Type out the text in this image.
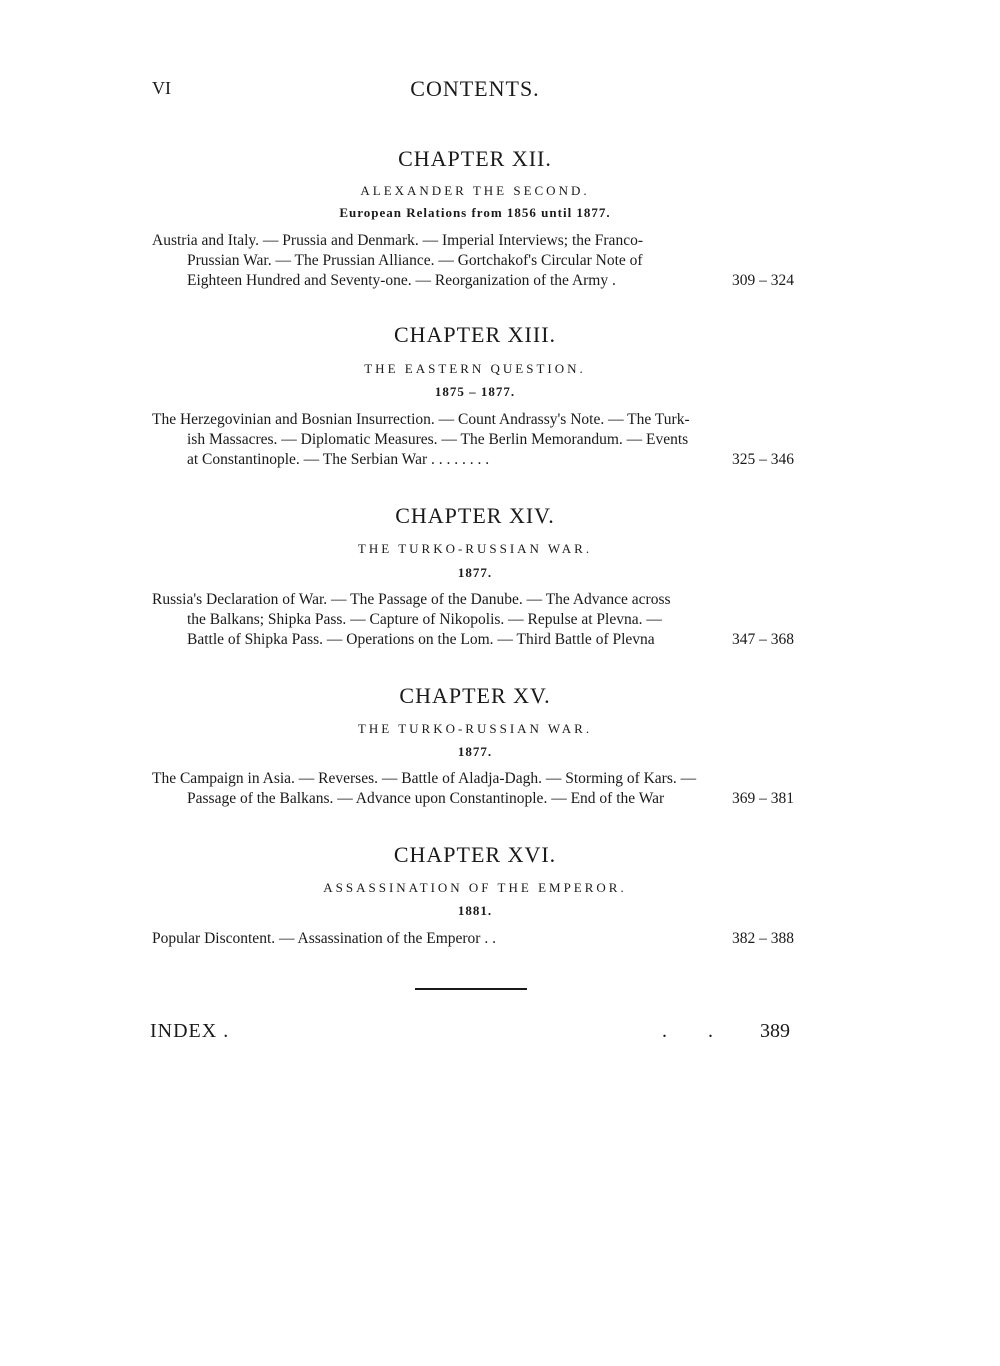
VI	CONTENTS.
CHAPTER XII.
ALEXANDER THE SECOND.
European Relations from 1856 until 1877.
Austria and Italy. — Prussia and Denmark. — Imperial Interviews; the Franco-
Prussian War. — The Prussian Alliance. — Gortchakof's Circular Note of
309 – 324
Eighteen Hundred and Seventy-one. — Reorganization of the Army .
CHAPTER XIII.
THE EASTERN QUESTION.
1875 – 1877.
The Herzegovinian and Bosnian Insurrection. — Count Andrassy's Note. — The Turk-
ish Massacres. — Diplomatic Measures. — The Berlin Memorandum. — Events
325 – 346
at Constantinople. — The Serbian War . . . . . . . .
CHAPTER XIV.
THE TURKO-RUSSIAN WAR.
1877.
Russia's Declaration of War. — The Passage of the Danube. — The Advance across
the Balkans; Shipka Pass. — Capture of Nikopolis. — Repulse at Plevna. —
347 – 368
Battle of Shipka Pass. — Operations on the Lom. — Third Battle of Plevna
CHAPTER XV.
THE TURKO-RUSSIAN WAR.
1877.
The Campaign in Asia. — Reverses. — Battle of Aladja-Dagh. — Storming of Kars. —
369 – 381
Passage of the Balkans. — Advance upon Constantinople. — End of the War
CHAPTER XVI.
ASSASSINATION OF THE EMPEROR.
1881.
382 – 388
Popular Discontent. — Assassination of the Emperor . .
INDEX .	. . 389
